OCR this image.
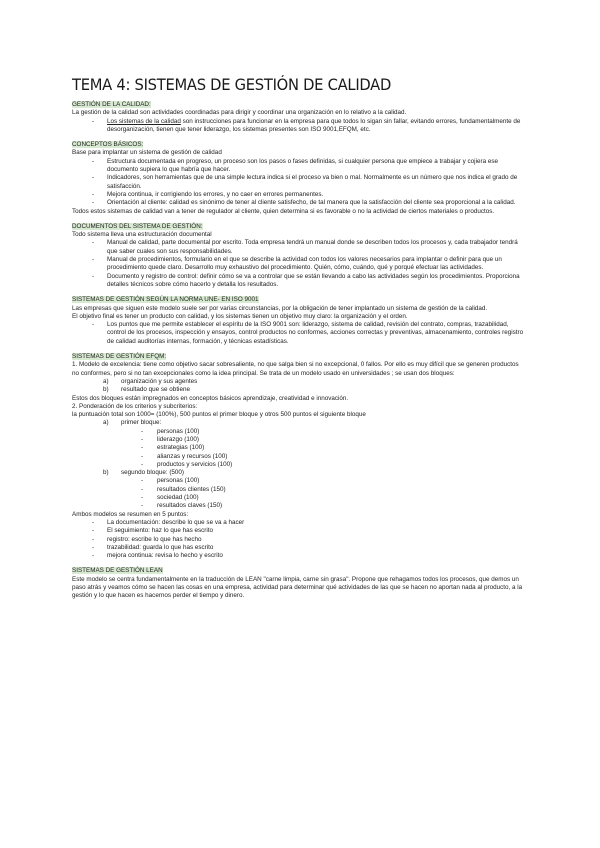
TEMA 4: SISTEMAS DE GESTIÓN DE CALIDAD

GESTIÓN DE LA CALIDAD:

La gestión de la calidad son actividades coordinadas para dirigir y coordinar una organización en lo relativo a la calidad.

- Los sistemas de la calidad son instrucciones para funcionar en la empresa para que todos lo sigan sin fallar, evitando errores, fundamentalmente de desorganización, tienen que tener liderazgo, los sistemas presentes son ISO 9001,EFQM, etc.

CONCEPTOS BÁSICOS:

Base para implantar un sistema de gestión de calidad

- Estructura documentada en progreso, un proceso son los pasos o fases definidas, si cualquier persona que empiece a trabajar y cojiera ese documento supiera lo que habría que hacer.
- Indicadores, son herramientas que de una simple lectura indica si el proceso va bien o mal. Normalmente es un número que nos indica el grado de satisfacción.
- Mejora continua, ir corrigiendo los errores, y no caer en errores permanentes.
- Orientación al cliente: calidad es sinónimo de tener al cliente satisfecho, de tal manera que la satisfacción del cliente sea proporcional a la calidad.

Todos estos sistemas de calidad van a tener de regulador al cliente, quien determina si es favorable o no la actividad de ciertos materiales o productos.

DOCUMENTOS DEL SISTEMA DE GESTIÓN:

Todo sistema lleva una estructuración documental

- Manual de calidad, parte documental por escrito. Toda empresa tendrá un manual donde se describen todos los procesos y, cada trabajador tendrá que saber cuales son sus responsabilidades.
- Manual de procedimientos, formulario en el que se describe la actividad con todos los valores necesarios para implantar o definir para que un procedimiento quede claro. Desarrollo muy exhaustivo del procedimiento. Quién, cómo, cuándo, qué y porqué efectuar las actividades.
- Documento y registro de control: definir cómo se va a controlar que se están llevando a cabo las actividades según los procedimientos. Proporciona detalles técnicos sobre cómo hacerlo y detalla los resultados.

SISTEMAS DE GESTIÓN SEGÚN LA NORMA UNE- EN ISO 9001

Las empresas que siguen este modelo suele ser por varias circunstancias, por la obligación de tener implantado un sistema de gestión de la calidad.

El objetivo final es tener un producto con calidad, y los sistemas tienen un objetivo muy claro: la organización y el orden.

- Los puntos que me permite establecer el espíritu de la ISO 9001 son: liderazgo, sistema de calidad, revisión del contrato, compras, trazabilidad, control de los procesos, inspección y ensayos, control productos no conformes, acciones correctas y preventivas, almacenamiento, controles registro de calidad auditorías internas, formación, y técnicas estadísticas.

SISTEMAS DE GESTIÓN EFQM:

1. Modelo de excelencia: tiene como objetivo sacar sobresaliente, no que salga bien si no excepcional, 0 fallos. Por ello es muy difícil que se generen productos no conformes, pero si no tan excepcionales como la idea principal. Se trata de un modelo usado en universidades ; se usan dos bloques:

a) organización y sus agentes
b) resultado que se obtiene

Estos dos bloques están impregnados en conceptos básicos aprendizaje, creatividad e innovación.

2. Ponderación de los criterios y subcriterios:

la puntuación total son 1000= (100%), 500 puntos el primer bloque y otros 500 puntos el siguiente bloque

a) primer bloque:
- personas (100)
- liderazgo (100)
- estrategias (100)
- alianzas y recursos (100)
- productos y servicios (100)
b) segundo bloque: (500)
- personas (100)
- resultados clientes (150)
- sociedad (100)
- resultados claves (150)

Ambos modelos se resumen en 5 puntos:

- La documentación: describe lo que se va a hacer
- El seguimiento: haz lo que has escrito
- registro: escribe lo que has hecho
- trazabilidad: guarda lo que has escrito
- mejora continua: revisa lo hecho y escrito

SISTEMAS DE GESTIÓN LEAN

Este modelo se centra fundamentalmente en la traducción de LEAN "carne limpia, carne sin grasa". Propone que rehagamos todos los procesos, que demos un paso atrás y veamos cómo se hacen las cosas en una empresa, actividad para determinar qué actividades de las que se hacen no aportan nada al producto, a la gestión y lo que hacen es hacernos perder el tiempo y dinero.
